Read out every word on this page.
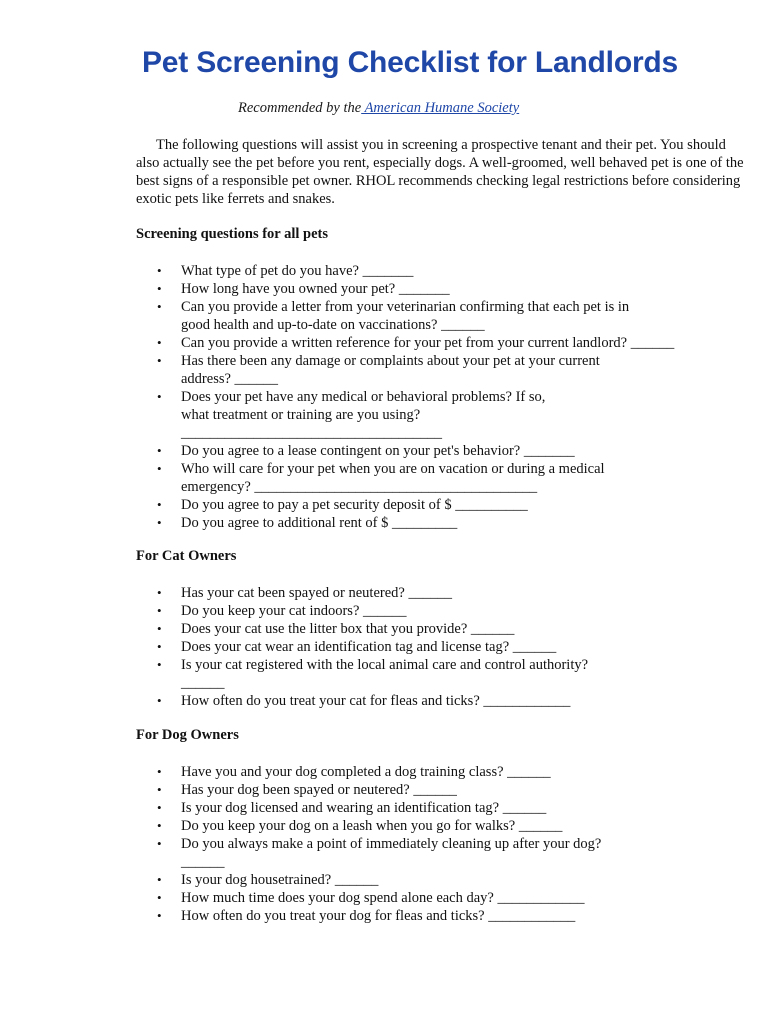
Pet Screening Checklist for Landlords
Recommended by the American Humane Society

The following questions will assist you in screening a prospective tenant and their pet. You should also actually see the pet before you rent, especially dogs. A well-groomed, well behaved pet is one of the best signs of a responsible pet owner. RHOL recommends checking legal restrictions before considering exotic pets like ferrets and snakes.

Screening questions for all pets
• What type of pet do you have? _______
• How long have you owned your pet? _______
• Can you provide a letter from your veterinarian confirming that each pet is in good health and up-to-date on vaccinations? ______
• Can you provide a written reference for your pet from your current landlord? ______
• Has there been any damage or complaints about your pet at your current address? ______
• Does your pet have any medical or behavioral problems? If so, what treatment or training are you using? ____________________________________
• Do you agree to a lease contingent on your pet's behavior? _______
• Who will care for your pet when you are on vacation or during a medical emergency? _______________________________________
• Do you agree to pay a pet security deposit of $ __________
• Do you agree to additional rent of $ _________
For Cat Owners
• Has your cat been spayed or neutered? ______
• Do you keep your cat indoors? ______
• Does your cat use the litter box that you provide? ______
• Does your cat wear an identification tag and license tag? ______
• Is your cat registered with the local animal care and control authority? ______
• How often do you treat your cat for fleas and ticks? ____________
For Dog Owners
• Have you and your dog completed a dog training class? ______
• Has your dog been spayed or neutered? ______
• Is your dog licensed and wearing an identification tag? ______
• Do you keep your dog on a leash when you go for walks? ______
• Do you always make a point of immediately cleaning up after your dog? ______
• Is your dog housetrained? ______
• How much time does your dog spend alone each day? ____________
• How often do you treat your dog for fleas and ticks? ____________
